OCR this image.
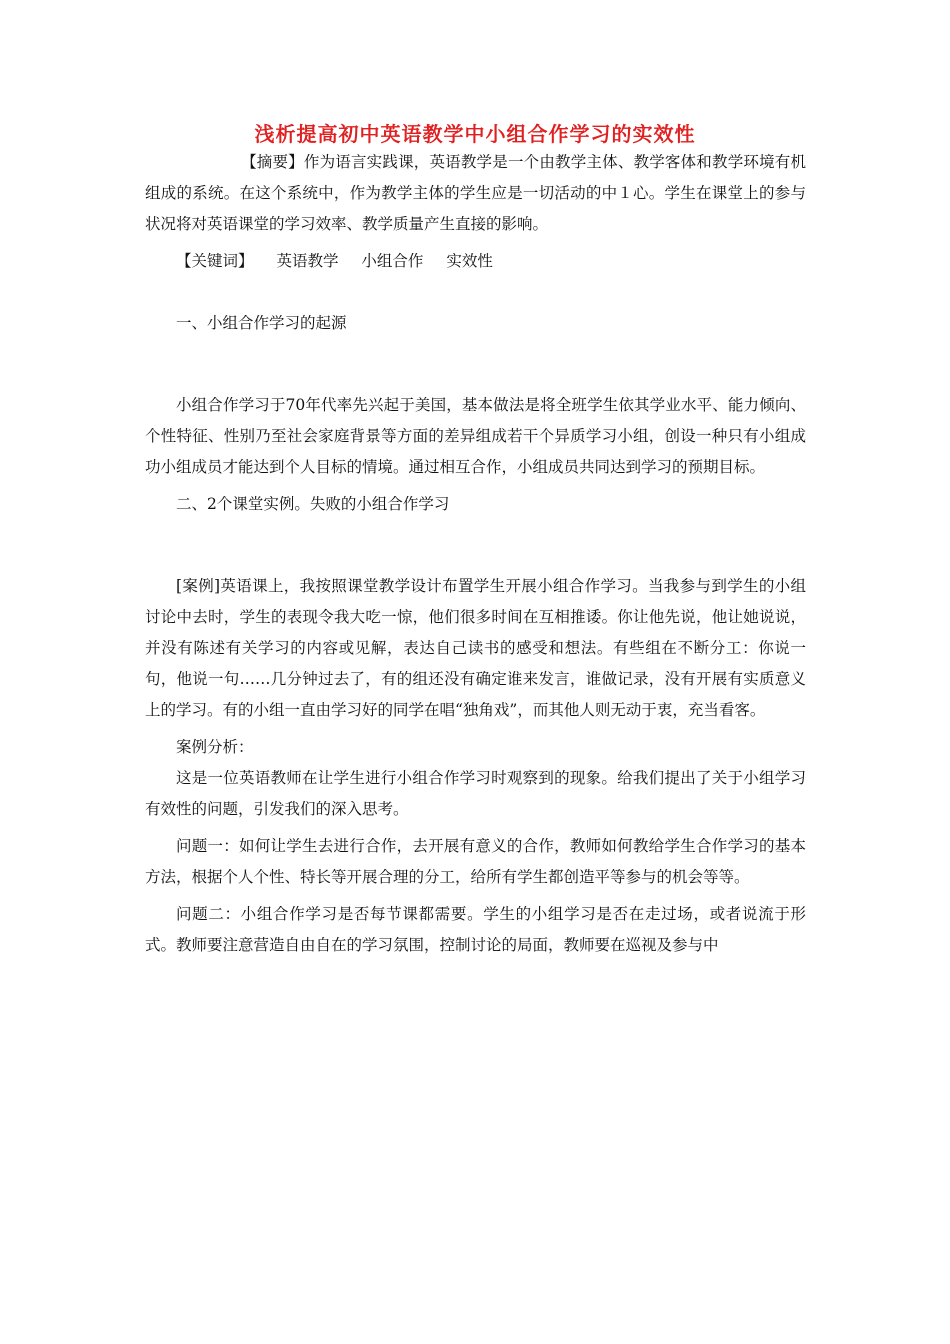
浅析提高初中英语教学中小组合作学习的实效性

【摘要】作为语言实践课，英语教学是一个由教学主体、教学客体和教学环境有机组成的系统。在这个系统中，作为教学主体的学生应是一切活动的中１心。学生在课堂上的参与状况将对英语课堂的学习效率、教学质量产生直接的影响。

【关键词】 英语教学 小组合作 实效性

一、小组合作学习的起源

小组合作学习于70年代率先兴起于美国，基本做法是将全班学生依其学业水平、能力倾向、个性特征、性别乃至社会家庭背景等方面的差异组成若干个异质学习小组，创设一种只有小组成功小组成员才能达到个人目标的情境。通过相互合作，小组成员共同达到学习的预期目标。

二、2个课堂实例。失败的小组合作学习

[案例]英语课上，我按照课堂教学设计布置学生开展小组合作学习。当我参与到学生的小组讨论中去时，学生的表现令我大吃一惊，他们很多时间在互相推诿。你让他先说，他让她说说，并没有陈述有关学习的内容或见解，表达自己读书的感受和想法。有些组在不断分工：你说一句，他说一句……几分钟过去了，有的组还没有确定谁来发言，谁做记录，没有开展有实质意义上的学习。有的小组一直由学习好的同学在唱“独角戏”，而其他人则无动于衷，充当看客。

案例分析：

这是一位英语教师在让学生进行小组合作学习时观察到的现象。给我们提出了关于小组学习有效性的问题，引发我们的深入思考。

问题一：如何让学生去进行合作，去开展有意义的合作，教师如何教给学生合作学习的基本方法，根据个人个性、特长等开展合理的分工，给所有学生都创造平等参与的机会等等。

问题二：小组合作学习是否每节课都需要。学生的小组学习是否在走过场，或者说流于形式。教师要注意营造自由自在的学习氛围，控制讨论的局面，教师要在巡视及参与中
